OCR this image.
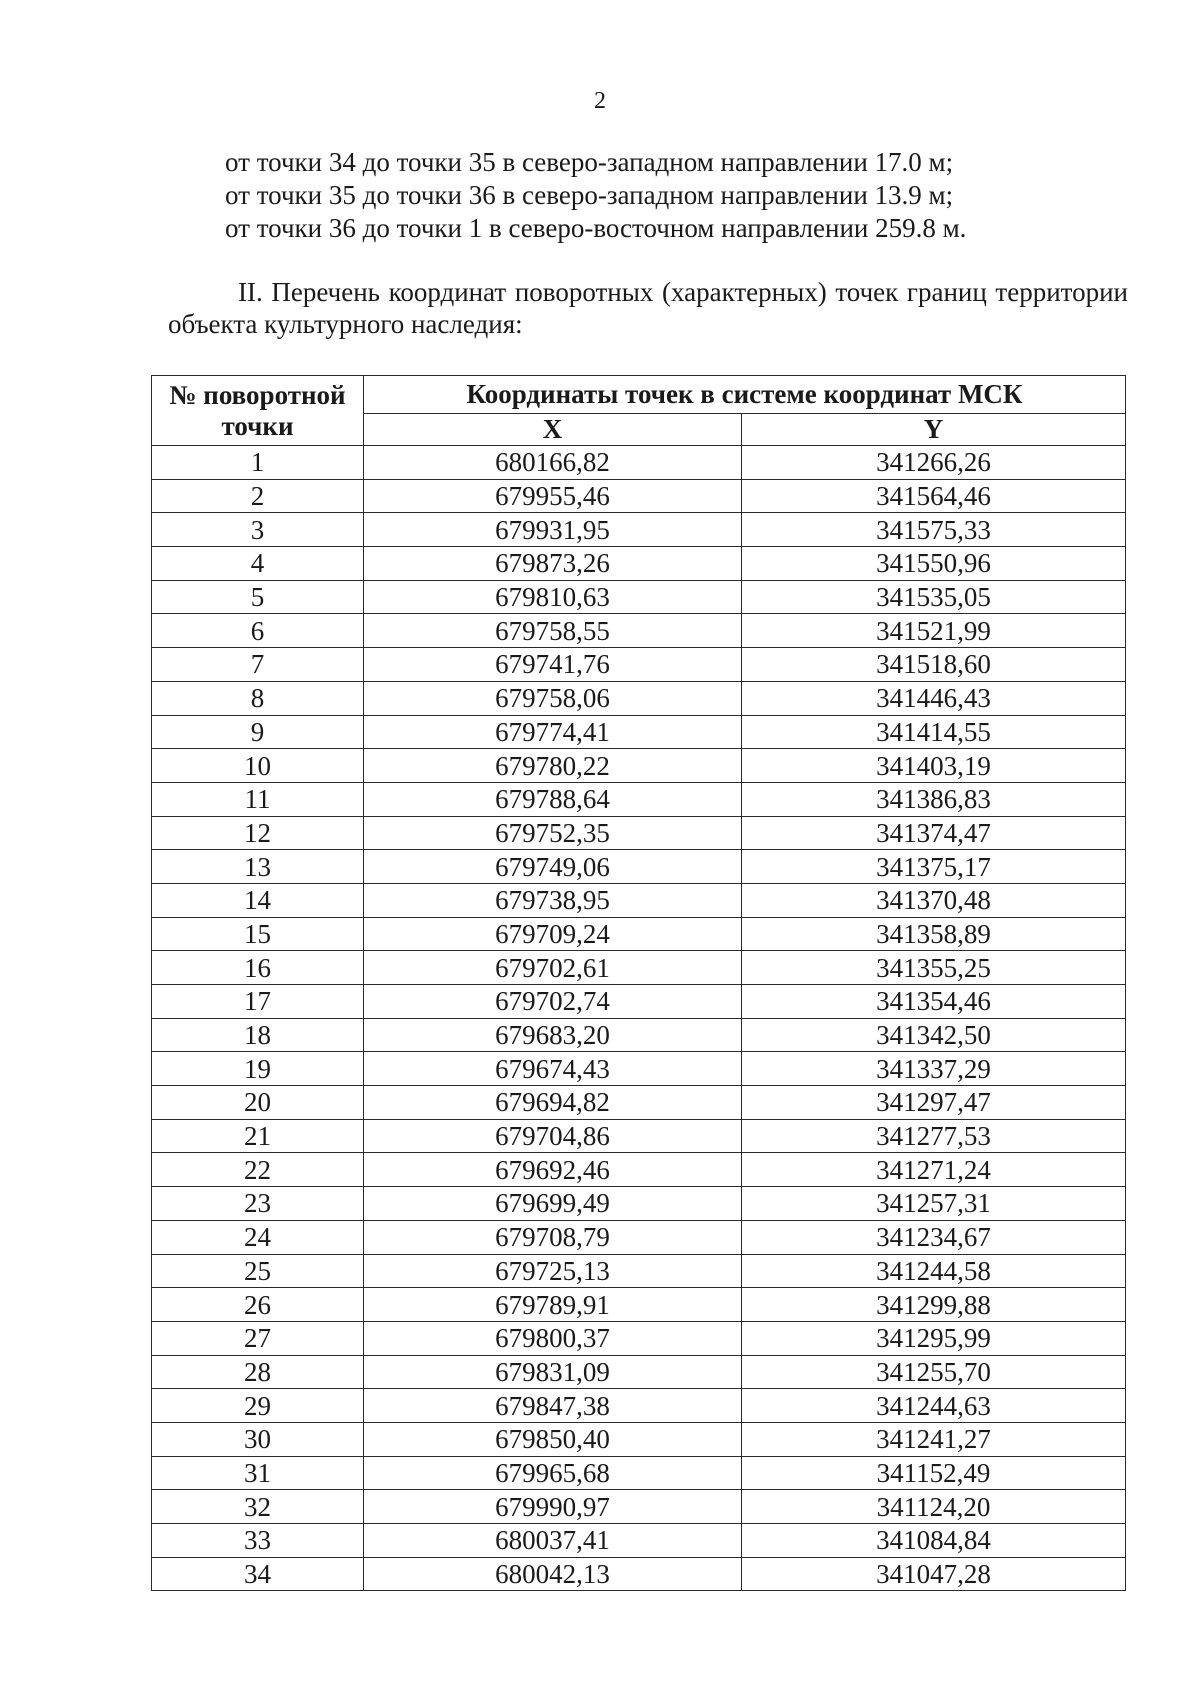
2
от точки 34 до точки 35 в северо-западном направлении 17.0 м;
от точки 35 до точки 36 в северо-западном направлении 13.9 м;
от точки 36 до точки 1 в северо-восточном направлении 259.8 м.
II. Перечень координат поворотных (характерных) точек границ территории объекта культурного наследия:
№ поворотной точки	Координаты точек в системе координат МСК	
	X	Y
1	680166,82	341266,26
2	679955,46	341564,46
3	679931,95	341575,33
4	679873,26	341550,96
5	679810,63	341535,05
6	679758,55	341521,99
7	679741,76	341518,60
8	679758,06	341446,43
9	679774,41	341414,55
10	679780,22	341403,19
11	679788,64	341386,83
12	679752,35	341374,47
13	679749,06	341375,17
14	679738,95	341370,48
15	679709,24	341358,89
16	679702,61	341355,25
17	679702,74	341354,46
18	679683,20	341342,50
19	679674,43	341337,29
20	679694,82	341297,47
21	679704,86	341277,53
22	679692,46	341271,24
23	679699,49	341257,31
24	679708,79	341234,67
25	679725,13	341244,58
26	679789,91	341299,88
27	679800,37	341295,99
28	679831,09	341255,70
29	679847,38	341244,63
30	679850,40	341241,27
31	679965,68	341152,49
32	679990,97	341124,20
33	680037,41	341084,84
34	680042,13	341047,28
